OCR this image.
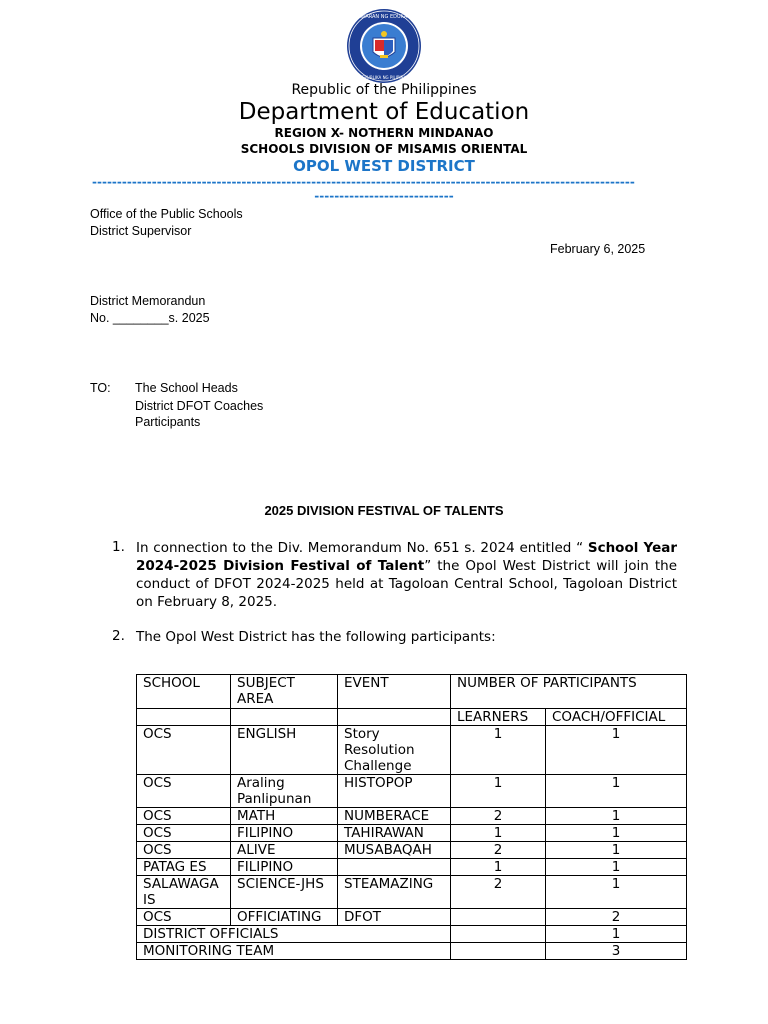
KAGAWARAN NG EDUKASYON
REPUBLIKA NG PILIPINAS
Republic of the Philippines
Department of Education
REGION X- NOTHERN MINDANAO
SCHOOLS DIVISION OF MISAMIS ORIENTAL
OPOL WEST DISTRICT
-------------------------------------------------------------------------------------------------------------
----------------------------
Office of the Public Schools
District Supervisor
February 6, 2025
District Memorandun
No. ________s. 2025
TO: The School Heads
District DFOT Coaches
Participants
2025 DIVISION FESTIVAL OF TALENTS
1. In connection to the Div. Memorandum No. 651 s. 2024 entitled “ School Year 2024-2025 Division Festival of Talent” the Opol West District will join the conduct of DFOT 2024-2025 held at Tagoloan Central School, Tagoloan District on February 8, 2025.
2. The Opol West District has the following participants:
SCHOOL	SUBJECT AREA	EVENT	NUMBER OF PARTICIPANTS	
			LEARNERS	COACH/OFFICIAL
OCS	ENGLISH	Story Resolution Challenge	1	1
OCS	Araling Panlipunan	HISTOPOP	1	1
OCS	MATH	NUMBERACE	2	1
OCS	FILIPINO	TAHIRAWAN	1	1
OCS	ALIVE	MUSABAQAH	2	1
PATAG ES	FILIPINO		1	1
SALAWAGA IS	SCIENCE-JHS	STEAMAZING	2	1
OCS	OFFICIATING	DFOT		2
DISTRICT OFFICIALS				1
MONITORING TEAM				3
